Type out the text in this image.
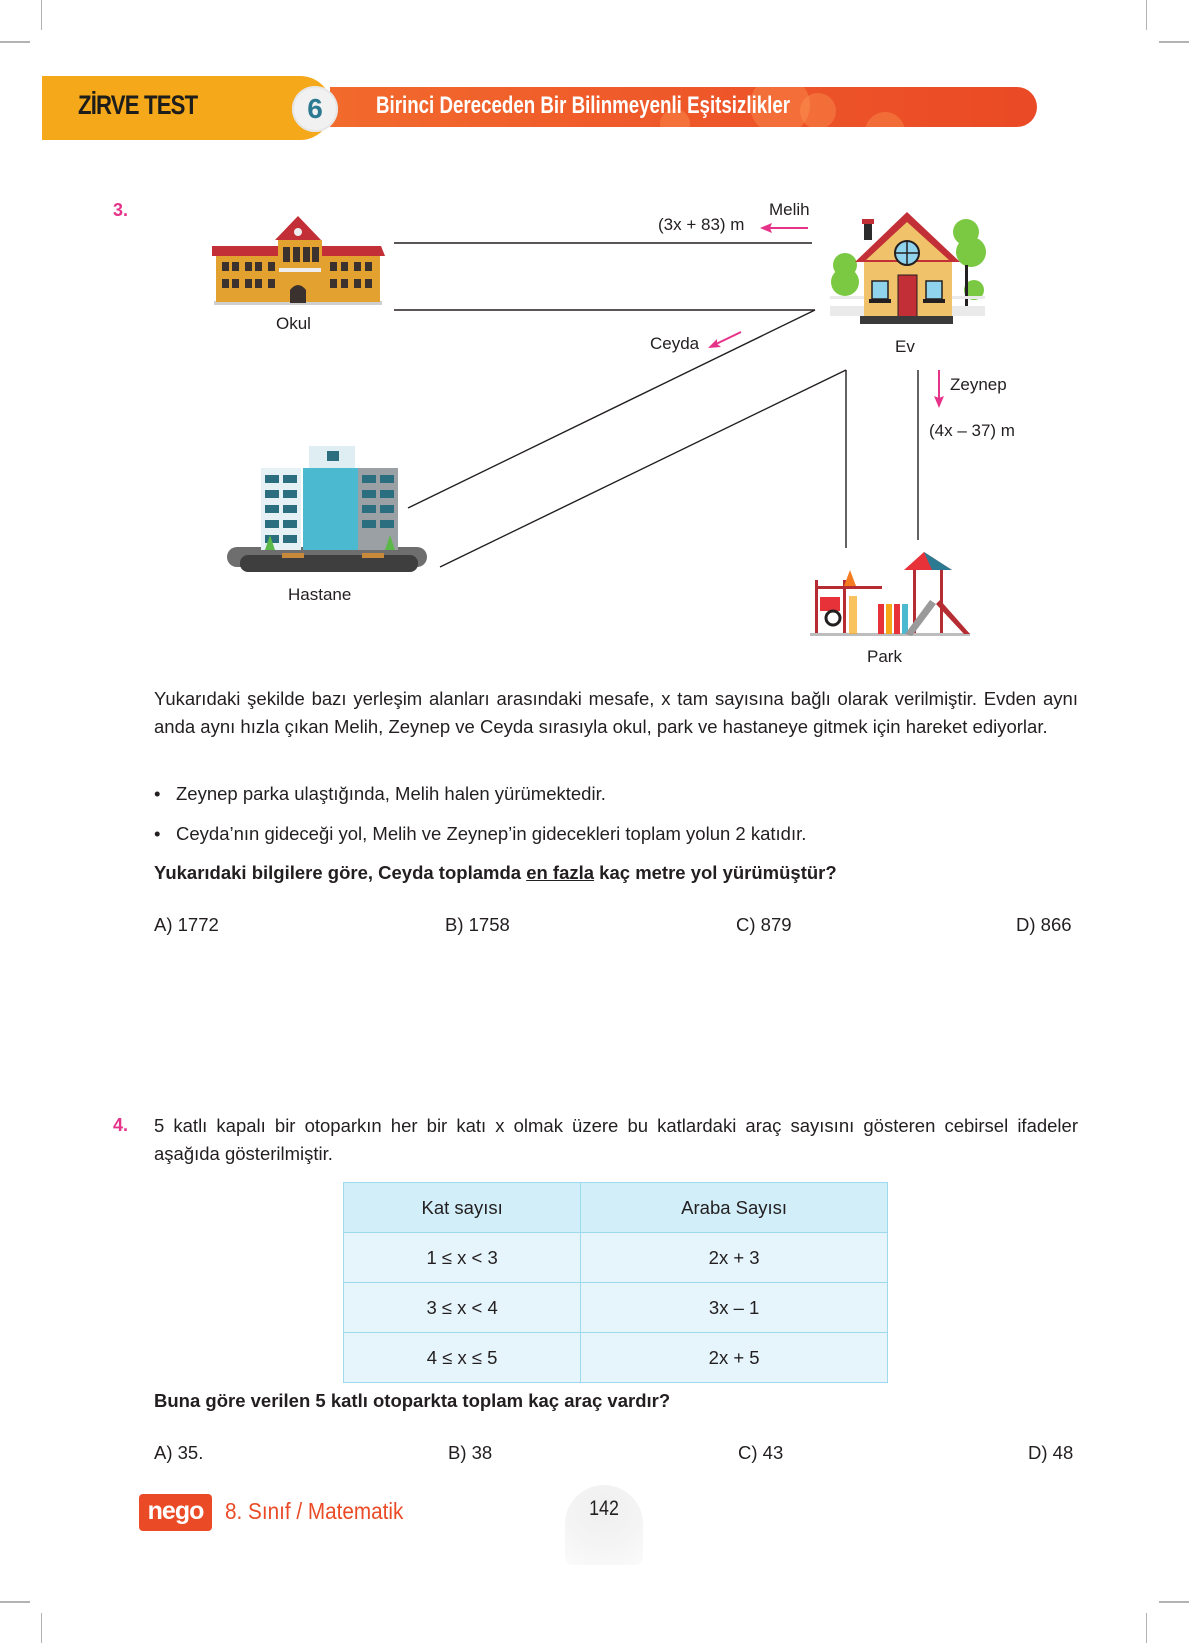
ZİRVE TEST	Birinci Dereceden Bir Bilinmeyenli Eşitsizlikler
6
3.
Okul
Melih
(3x + 83) m
Ceyda	Ev
Zeynep
(4x – 37) m
Hastane
Park
Yukarıdaki şekilde bazı yerleşim alanları arasındaki mesafe, x tam sayısına bağlı olarak verilmiştir. Evden aynı anda aynı hızla çıkan Melih, Zeynep ve Ceyda sırasıyla okul, park ve hastaneye gitmek için hareket ediyorlar.
• Zeynep parka ulaştığında, Melih halen yürümektedir.
• Ceyda’nın gideceği yol, Melih ve Zeynep’in gidecekleri toplam yolun 2 katıdır.
Yukarıdaki bilgilere göre, Ceyda toplamda en fazla kaç metre yol yürümüştür?
A) 1772	B) 1758	C) 879	D) 866
4. 5 katlı kapalı bir otoparkın her bir katı x olmak üzere bu katlardaki araç sayısını gösteren cebirsel ifadeler aşağıda gösterilmiştir.
Kat sayısı	Araba Sayısı
1 ≤ x < 3	2x + 3
3 ≤ x < 4	3x – 1
4 ≤ x ≤ 5	2x + 5
Buna göre verilen 5 katlı otoparkta toplam kaç araç vardır?
A) 35.	B) 38	C) 43	D) 48
nego 8. Sınıf / Matematik	142
